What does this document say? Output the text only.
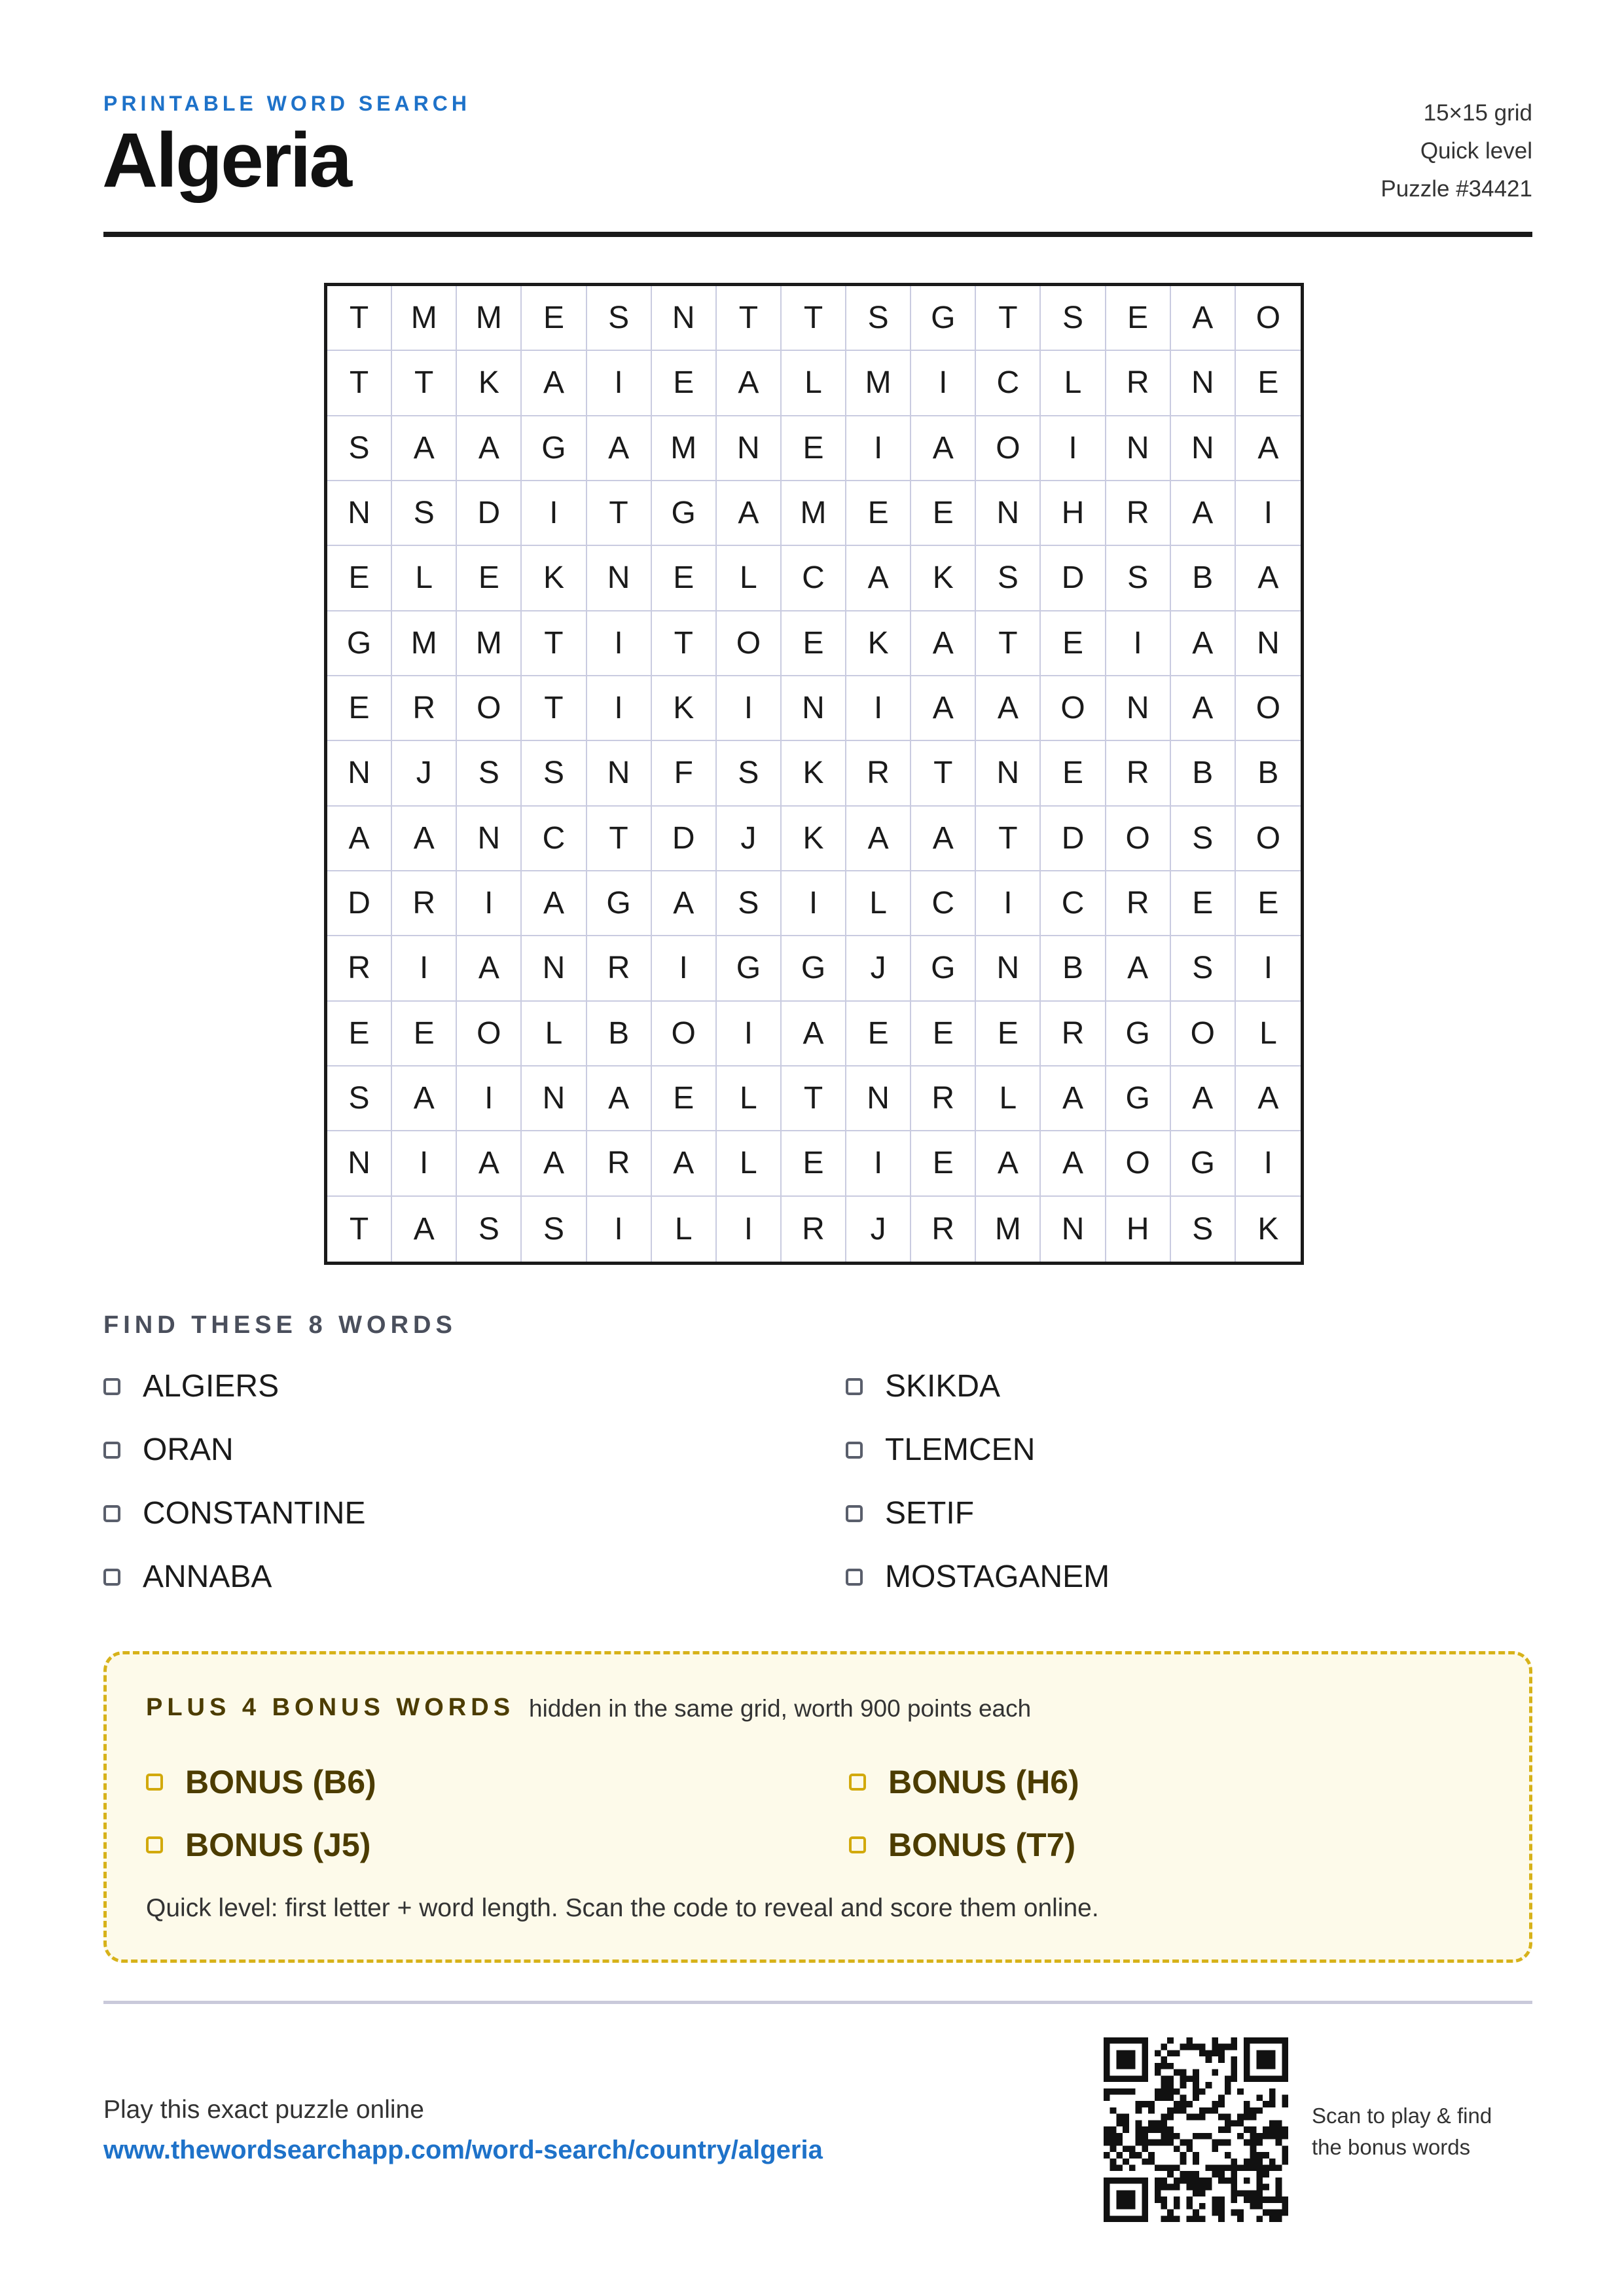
PRINTABLE WORD SEARCH
Algeria
15×15 grid
Quick level
Puzzle #34421
T	M	M	E	S	N	T	T	S	G	T	S	E	A	O
T	T	K	A	I	E	A	L	M	I	C	L	R	N	E
S	A	A	G	A	M	N	E	I	A	O	I	N	N	A
N	S	D	I	T	G	A	M	E	E	N	H	R	A	I
E	L	E	K	N	E	L	C	A	K	S	D	S	B	A
G	M	M	T	I	T	O	E	K	A	T	E	I	A	N
E	R	O	T	I	K	I	N	I	A	A	O	N	A	O
N	J	S	S	N	F	S	K	R	T	N	E	R	B	B
A	A	N	C	T	D	J	K	A	A	T	D	O	S	O
D	R	I	A	G	A	S	I	L	C	I	C	R	E	E
R	I	A	N	R	I	G	G	J	G	N	B	A	S	I
E	E	O	L	B	O	I	A	E	E	E	R	G	O	L
S	A	I	N	A	E	L	T	N	R	L	A	G	A	A
N	I	A	A	R	A	L	E	I	E	A	A	O	G	I
T	A	S	S	I	L	I	R	J	R	M	N	H	S	K
FIND THESE 8 WORDS
ALGIERS
ORAN
CONSTANTINE
ANNABA
SKIKDA
TLEMCEN
SETIF
MOSTAGANEM
PLUS 4 BONUS WORDS hidden in the same grid, worth 900 points each
BONUS (B6)
BONUS (J5)
BONUS (H6)
BONUS (T7)
Quick level: first letter + word length. Scan the code to reveal and score them online.
Play this exact puzzle online
www.thewordsearchapp.com/word-search/country/algeria
Scan to play & find
the bonus words
